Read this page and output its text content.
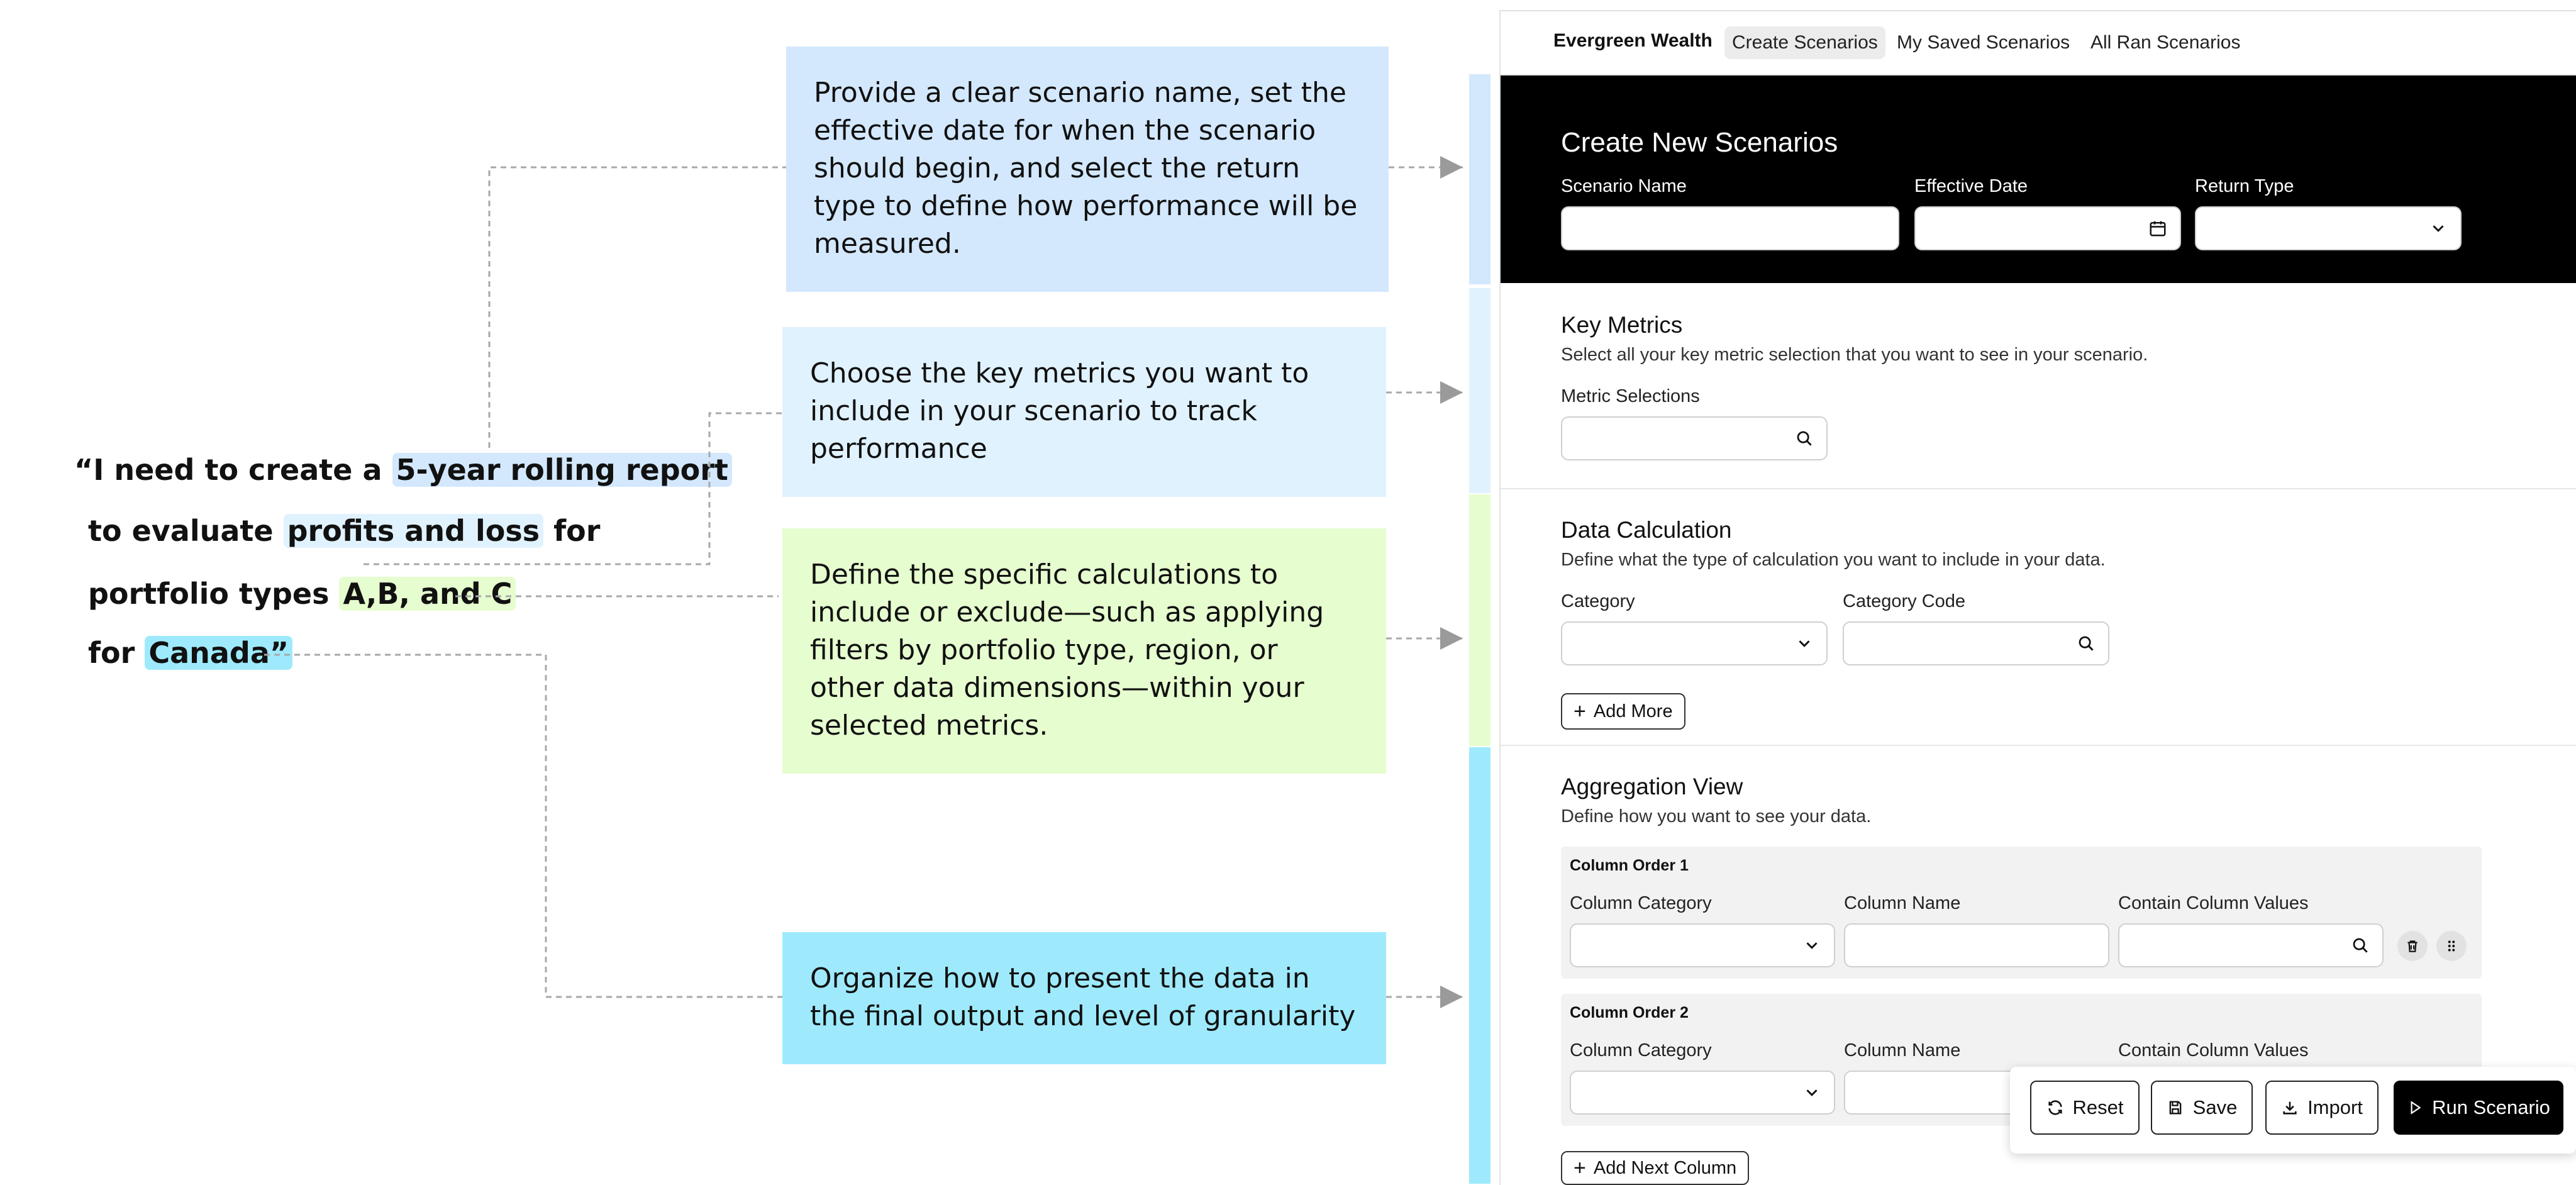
“I need to create a 5-year rolling report
to evaluate profits and loss for
portfolio types A,B, and C
for Canada”
Provide a clear scenario name, set the effective date for when the scenario should begin, and select the return type to define how performance will be measured.
Choose the key metrics you want to include in your scenario to track performance
Define the specific calculations to include or exclude—such as applying filters by portfolio type, region, or other data dimensions—within your selected metrics.
Organize how to present the data in the final output and level of granularity
Evergreen Wealth	Create Scenarios	My Saved Scenarios	All Ran Scenarios
Create New Scenarios
Scenario Name	Effective Date	Return Type
Key Metrics
Select all your key metric selection that you want to see in your scenario.
Metric Selections
Data Calculation
Define what the type of calculation you want to include in your data.
Category	Category Code
+ Add More
Aggregation View
Define how you want to see your data.
Column Order 1
Column Category	Column Name	Contain Column Values
Column Order 2
Column Category	Column Name	Contain Column Values
+ Add Next Column
Reset	Save	Import	Run Scenario
